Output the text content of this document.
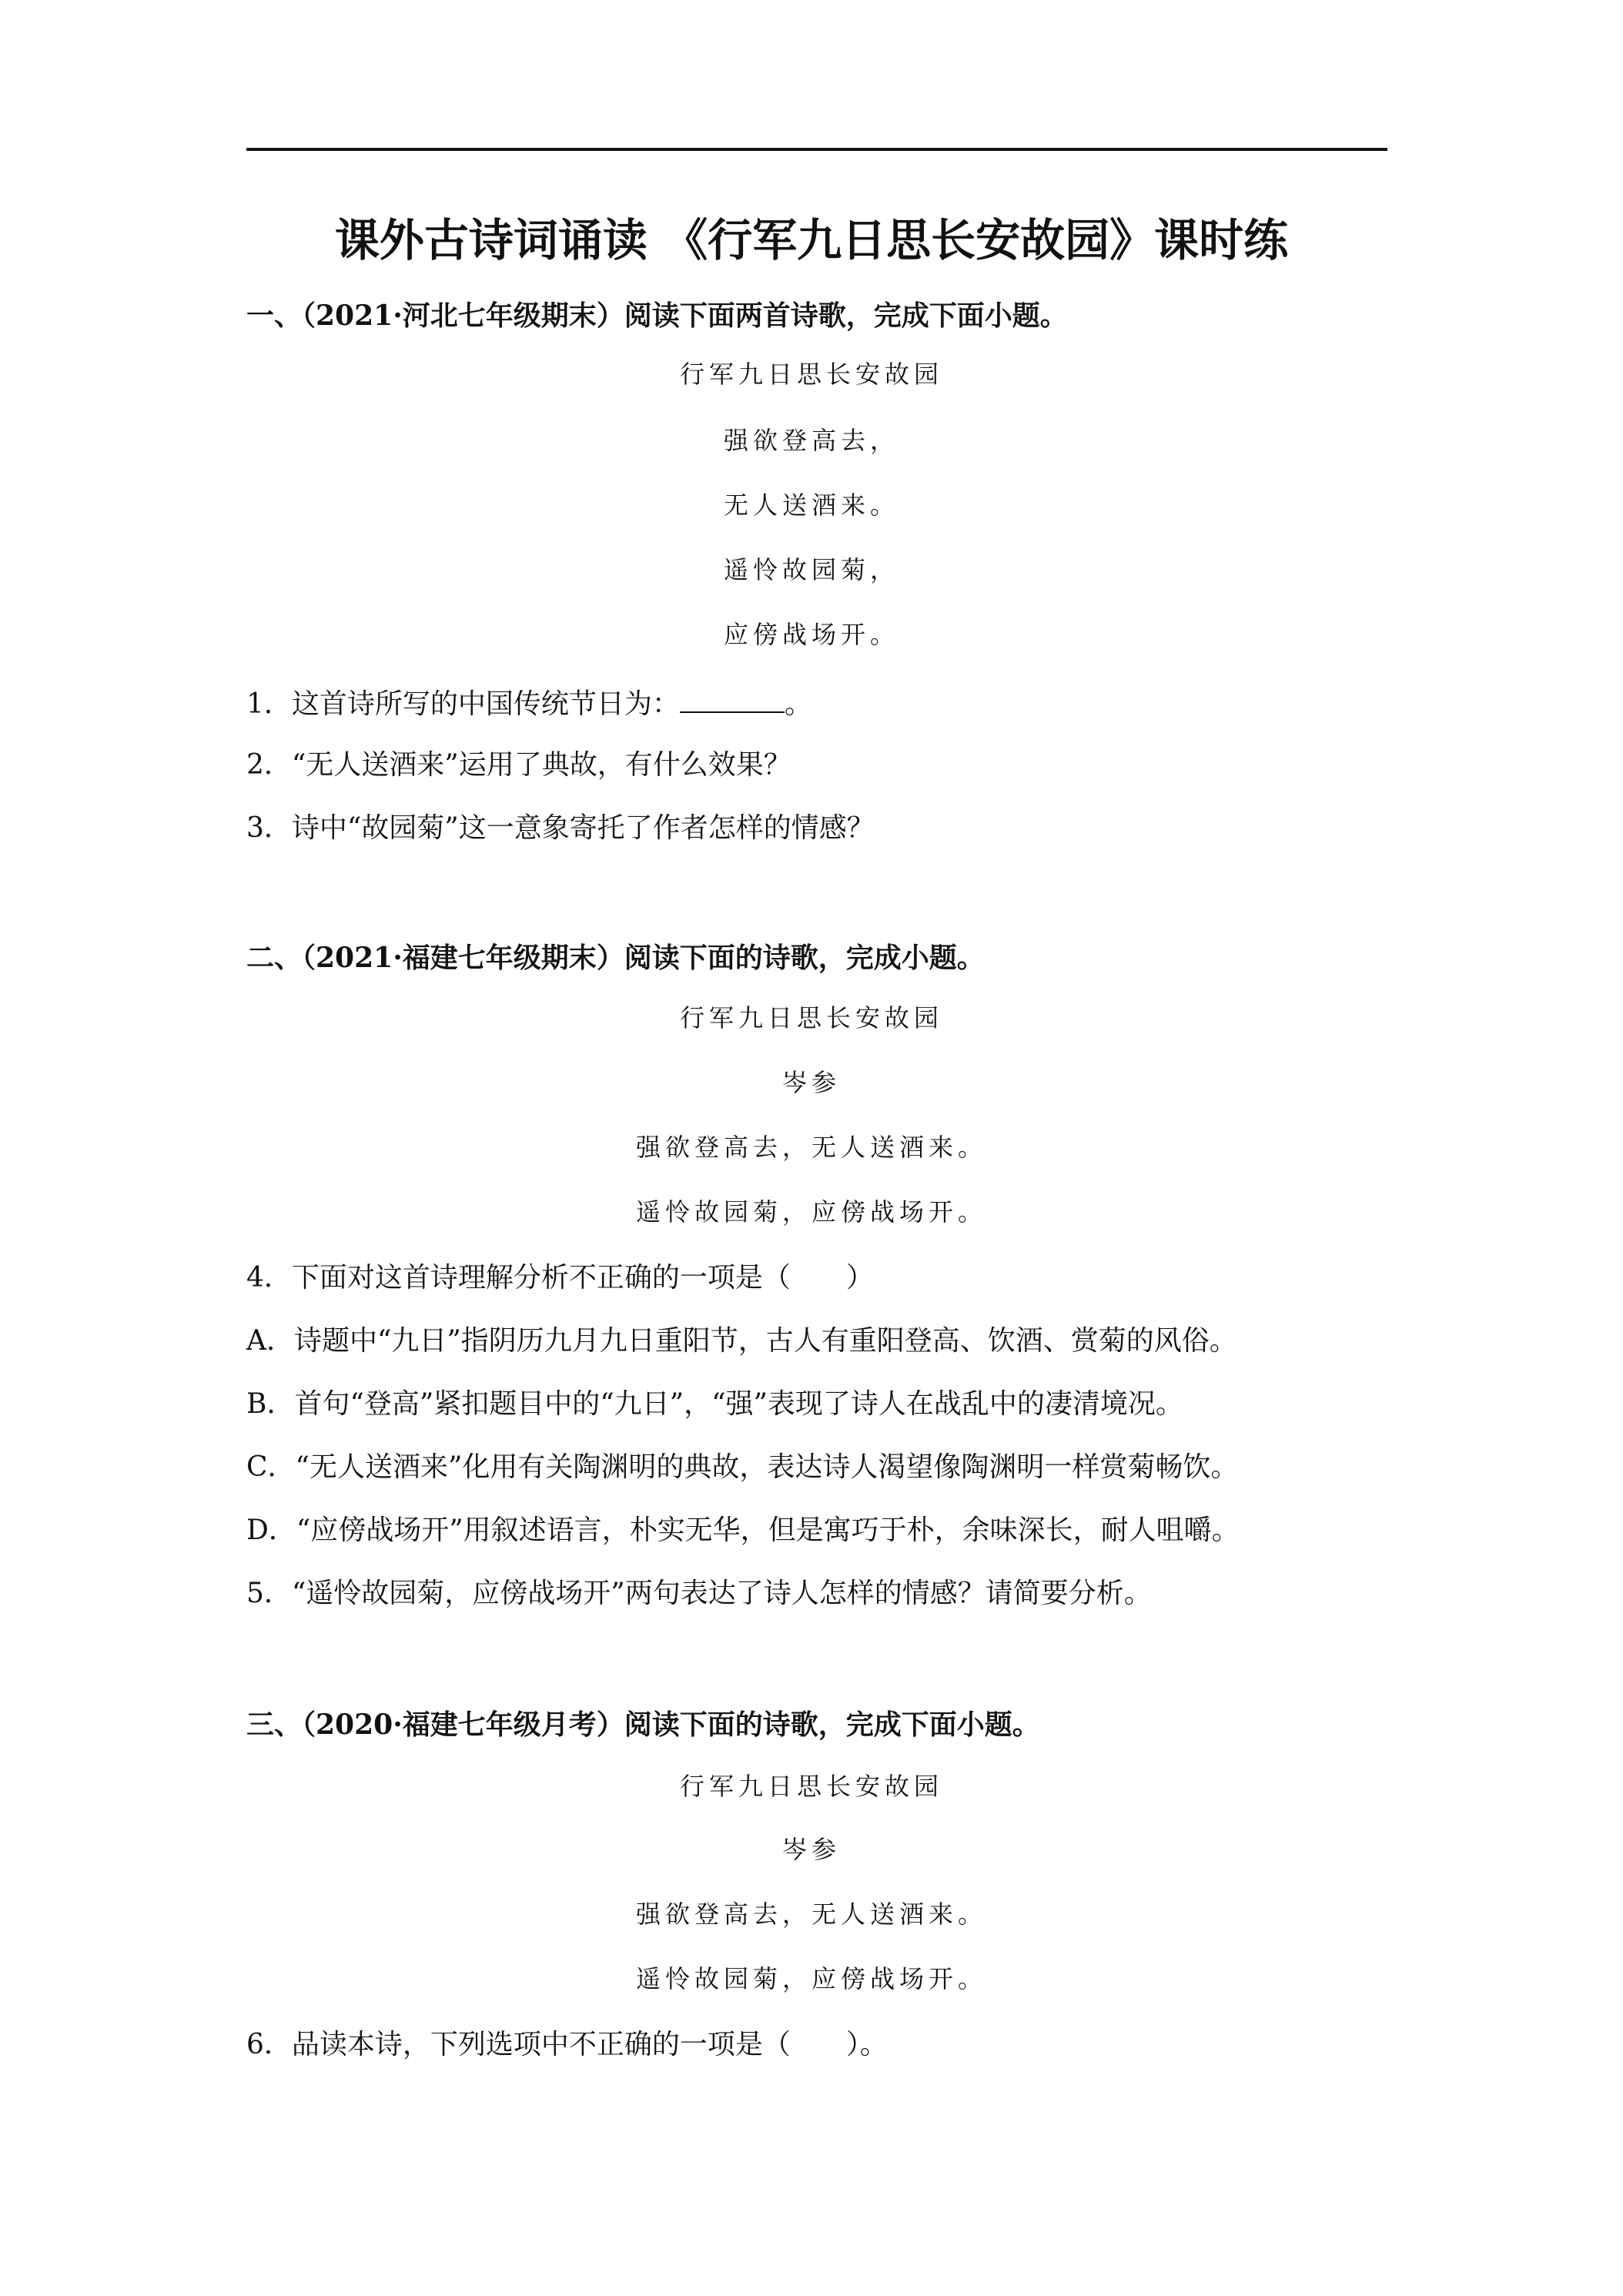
课外古诗词诵读 《行军九日思长安故园》课时练
一、（2021·河北七年级期末）阅读下面两首诗歌，完成下面小题。
行军九日思长安故园
强欲登高去，
无人送酒来。
遥怜故园菊，
应傍战场开。
1．这首诗所写的中国传统节日为：	。
2．“无人送酒来”运用了典故，有什么效果？
3．诗中“故园菊”这一意象寄托了作者怎样的情感？
二、（2021·福建七年级期末）阅读下面的诗歌，完成小题。
行军九日思长安故园
岑参
强欲登高去，无人送酒来。
遥怜故园菊，应傍战场开。
4．下面对这首诗理解分析不正确的一项是（　　）
A．诗题中“九日”指阴历九月九日重阳节，古人有重阳登高、饮酒、赏菊的风俗。
B．首句“登高”紧扣题目中的“九日”，“强”表现了诗人在战乱中的凄清境况。
C．“无人送酒来”化用有关陶渊明的典故，表达诗人渴望像陶渊明一样赏菊畅饮。
D．“应傍战场开”用叙述语言，朴实无华，但是寓巧于朴，余味深长，耐人咀嚼。
5．“遥怜故园菊，应傍战场开”两句表达了诗人怎样的情感？请简要分析。
三、（2020·福建七年级月考）阅读下面的诗歌，完成下面小题。
行军九日思长安故园
岑参
强欲登高去，无人送酒来。
遥怜故园菊，应傍战场开。
6．品读本诗，下列选项中不正确的一项是（　　）。
